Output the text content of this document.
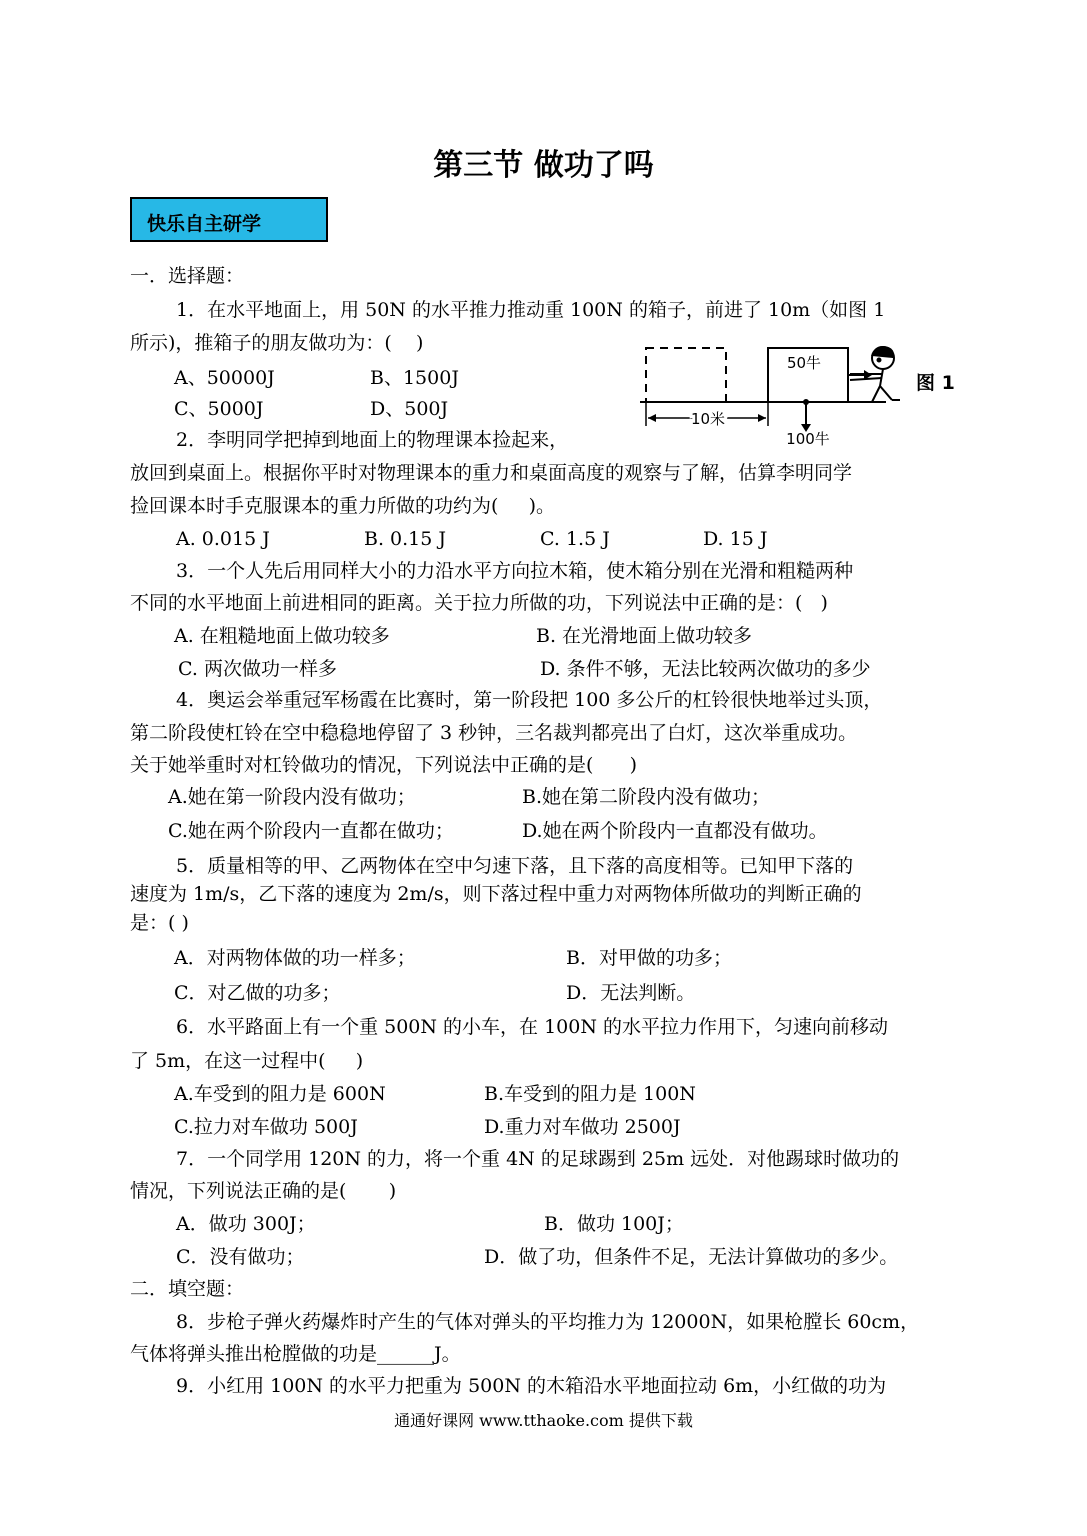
第三节 做功了吗
快乐自主研学
一．选择题：
1．在水平地面上，用 50N 的水平推力推动重 100N 的箱子，前进了 10m（如图 1
所示)，推箱子的朋友做功为：(    )
A、50000J	B、1500J
C、5000J	D、500J
2．李明同学把掉到地面上的物理课本捡起来，
放回到桌面上。根据你平时对物理课本的重力和桌面高度的观察与了解，估算李明同学
捡回课本时手克服课本的重力所做的功约为(     )。
A. 0.015 J	B. 0.15 J	C. 1.5 J	D. 15 J
3．一个人先后用同样大小的力沿水平方向拉木箱，使木箱分别在光滑和粗糙两种
不同的水平地面上前进相同的距离。关于拉力所做的功，下列说法中正确的是：(   )
A. 在粗糙地面上做功较多	B. 在光滑地面上做功较多
C. 两次做功一样多	D. 条件不够，无法比较两次做功的多少
4．奥运会举重冠军杨霞在比赛时，第一阶段把 100 多公斤的杠铃很快地举过头顶，
第二阶段使杠铃在空中稳稳地停留了 3 秒钟，三名裁判都亮出了白灯，这次举重成功。
关于她举重时对杠铃做功的情况，下列说法中正确的是(      )
A.她在第一阶段内没有做功；	B.她在第二阶段内没有做功；
C.她在两个阶段内一直都在做功；	D.她在两个阶段内一直都没有做功。
5．质量相等的甲、乙两物体在空中匀速下落，且下落的高度相等。已知甲下落的
速度为 1m/s，乙下落的速度为 2m/s，则下落过程中重力对两物体所做功的判断正确的
是：( )
A．对两物体做的功一样多；	B．对甲做的功多；
C．对乙做的功多；	D．无法判断。
6．水平路面上有一个重 500N 的小车，在 100N 的水平拉力作用下，匀速向前移动
了 5m，在这一过程中(     )
A.车受到的阻力是 600N	B.车受到的阻力是 100N
C.拉力对车做功 500J	D.重力对车做功 2500J
7．一个同学用 120N 的力，将一个重 4N 的足球踢到 25m 远处．对他踢球时做功的
情况，下列说法正确的是(       )
A．做功 300J；	B．做功 100J；
C．没有做功；	D．做了功，但条件不足，无法计算做功的多少。
二．填空题：
8．步枪子弹火药爆炸时产生的气体对弹头的平均推力为 12000N，如果枪膛长 60cm，
气体将弹头推出枪膛做的功是______J。
9．小红用 100N 的水平力把重为 500N 的木箱沿水平地面拉动 6m，小红做的功为
10米
100牛
50牛
图 1
通通好课网 www.tthaoke.com 提供下载
